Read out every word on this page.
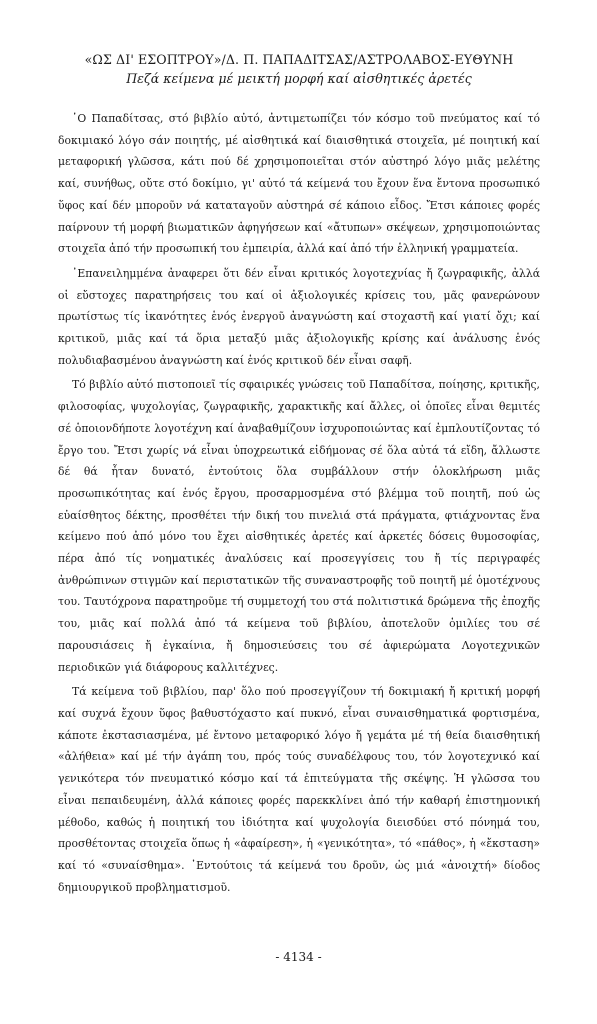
«ΩΣ ΔΙ' ΕΣΟΠΤΡΟΥ»/Δ. Π. ΠΑΠΑΔΙΤΣΑΣ/ΑΣΤΡΟΛΑΒΟΣ-ΕΥΘΥΝΗ
Πεζά κείμενα μέ μεικτή μορφή καί αἰσθητικές ἀρετές

῾Ο Παπαδίτσας, στό βιβλίο αὐτό, ἀντιμετωπίζει τόν κόσμο τοῦ πνεύματος καί τό δοκιμιακό λόγο σάν ποιητής, μέ αἰσθητικά καί διαισθητικά στοιχεῖα, μέ ποιητική καί μεταφορική γλῶσσα, κάτι πού δέ χρησιμοποιεῖται στόν αὐστηρό λόγο μιᾶς μελέτης καί, συνήθως, οὔτε στό δοκίμιο, γι' αὐτό τά κείμενά του ἔχουν ἕνα ἔντονα προσωπικό ὕφος καί δέν μποροῦν νά καταταγοῦν αὐστηρά σέ κάποιο εἶδος. Ἔτσι κάποιες φορές παίρνουν τή μορφή βιωματικῶν ἀφηγήσεων καί «ἄτυπων» σκέψεων, χρησιμοποιώντας στοιχεῖα ἀπό τήν προσωπική του ἐμπειρία, ἀλλά καί ἀπό τήν ἑλληνική γραμματεία.

᾿Επανειλημμένα ἀναφερει ὅτι δέν εἶναι κριτικός λογοτεχνίας ἤ ζωγραφικῆς, ἀλλά οἱ εὔστοχες παρατηρήσεις του καί οἱ ἀξιολογικές κρίσεις του, μᾶς φανερώνουν πρωτίστως τίς ἱκανότητες ἑνός ἐνεργοῦ ἀναγνώστη καί στοχαστῆ καί γιατί ὄχι; καί κριτικοῦ, μιᾶς καί τά ὅρια μεταξύ μιᾶς ἀξιολογικῆς κρίσης καί ἀνάλυσης ἑνός πολυδιαβασμένου ἀναγνώστη καί ἑνός κριτικοῦ δέν εἶναι σαφῆ.

Τό βιβλίο αὐτό πιστοποιεῖ τίς σφαιρικές γνώσεις τοῦ Παπαδίτσα, ποίησης, κριτικῆς, φιλοσοφίας, ψυχολογίας, ζωγραφικῆς, χαρακτικῆς καί ἄλλες, οἱ ὁποῖες εἶναι θεμιτές σέ ὁποιονδήποτε λογοτέχνη καί ἀναβαθμίζουν ἰσχυροποιώντας καί ἐμπλουτίζοντας τό ἔργο του. Ἔτσι χωρίς νά εἶναι ὑποχρεωτικά εἰδήμονας σέ ὅλα αὐτά τά εἴδη, ἄλλωστε δέ θά ἦταν δυνατό, ἐντούτοις ὅλα συμβάλλουν στήν ὁλοκλήρωση μιᾶς προσωπικότητας καί ἑνός ἔργου, προσαρμοσμένα στό βλέμμα τοῦ ποιητῆ, πού ὡς εὐαίσθητος δέκτης, προσθέτει τήν δική του πινελιά στά πράγματα, φτιάχνοντας ἕνα κείμενο πού ἀπό μόνο του ἔχει αἰσθητικές ἀρετές καί ἀρκετές δόσεις θυμοσοφίας, πέρα ἀπό τίς νοηματικές ἀναλύσεις καί προσεγγίσεις του ἤ τίς περιγραφές ἀνθρώπινων στιγμῶν καί περιστατικῶν τῆς συναναστροφῆς τοῦ ποιητῆ μέ ὁμοτέχνους του. Ταυτόχρονα παρατηροῦμε τή συμμετοχή του στά πολιτιστικά δρώμενα τῆς ἐποχῆς του, μιᾶς καί πολλά ἀπό τά κείμενα τοῦ βιβλίου, ἀποτελοῦν ὁμιλίες του σέ παρουσιάσεις ἤ ἐγκαίνια, ἤ δημοσιεύσεις του σέ ἀφιερώματα Λογοτεχνικῶν περιοδικῶν γιά διάφορους καλλιτέχνες.

Τά κείμενα τοῦ βιβλίου, παρ' ὅλο πού προσεγγίζουν τή δοκιμιακή ἤ κριτική μορφή καί συχνά ἔχουν ὕφος βαθυστόχαστο καί πυκνό, εἶναι συναισθηματικά φορτισμένα, κάποτε ἐκστασιασμένα, μέ ἔντονο μεταφορικό λόγο ἤ γεμάτα μέ τή θεία διαισθητική «ἀλήθεια» καί μέ τήν ἀγάπη του, πρός τούς συναδέλφους του, τόν λογοτεχνικό καί γενικότερα τόν πνευματικό κόσμο καί τά ἐπιτεύγματα τῆς σκέψης. Ἡ γλῶσσα του εἶναι πεπαιδευμένη, ἀλλά κάποιες φορές παρεκκλίνει ἀπό τήν καθαρή ἐπιστημονική μέθοδο, καθώς ἡ ποιητική του ἰδιότητα καί ψυχολογία διεισδύει στό πόνημά του, προσθέτοντας στοιχεῖα ὅπως ἡ «ἀφαίρεση», ἡ «γενικότητα», τό «πάθος», ἡ «ἔκσταση» καί τό «συναίσθημα». ᾿Εντούτοις τά κείμενά του δροῦν, ὡς μιά «ἀνοιχτή» δίοδος δημιουργικοῦ προβληματισμοῦ.

- 4134 -
